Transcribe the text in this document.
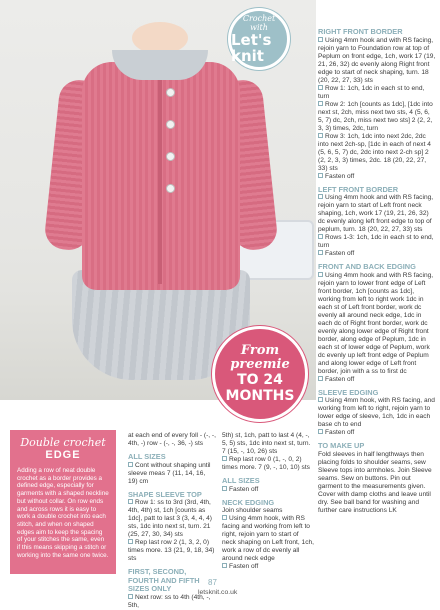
Crochet
with
Let's knit
From
preemie
TO 24
MONTHS
RIGHT FRONT BORDER
Using 4mm hook and with RS facing, rejoin yarn to Foundation row at top of Peplum on front edge, 1ch, work 17 (19, 21, 26, 32) dc evenly along Right front edge to start of neck shaping, turn. 18 (20, 22, 27, 33) sts
Row 1: 1ch, 1dc in each st to end, turn
Row 2: 1ch [counts as 1dc], [1dc into next st, 2ch, miss next two sts, 4 (5, 6, 5, 7) dc, 2ch, miss next two sts] 2 (2, 2, 3, 3) times, 2dc, turn
Row 3: 1ch, 1dc into next 2dc, 2dc into next 2ch-sp, [1dc in each of next 4 (5, 6, 5, 7) dc, 2dc into next 2-ch sp] 2 (2, 2, 3, 3) times, 2dc. 18 (20, 22, 27, 33) sts
Fasten off
LEFT FRONT BORDER
Using 4mm hook and with RS facing, rejoin yarn to start of Left front neck shaping, 1ch, work 17 (19, 21, 26, 32) dc evenly along left front edge to top of peplum, turn. 18 (20, 22, 27, 33) sts
Rows 1-3: 1ch, 1dc in each st to end, turn
Fasten off
FRONT AND BACK EDGING
Using 4mm hook and with RS facing, rejoin yarn to lower front edge of Left front border, 1ch [counts as 1dc], working from left to right work 1dc in each st of Left front border, work dc evenly all around neck edge, 1dc in each dc of Right front border, work dc evenly along lower edge of Right front border, along edge of Peplum, 1dc in each st of lower edge of Peplum, work dc evenly up left front edge of Peplum and along lower edge of Left front border, join with a ss to first dc
Fasten off
SLEEVE EDGING
Using 4mm hook, with RS facing, and working from left to right, rejoin yarn to lower edge of sleeve, 1ch, 1dc in each base ch to end
Fasten off
TO MAKE UP
Fold sleeves in half lengthways then placing folds to shoulder seams, sew Sleeve tops into armholes. Join Sleeve seams. Sew on buttons. Pin out garment to the measurements given. Cover with damp cloths and leave until dry. See ball band for washing and further care instructions LK
Double crochet
EDGE
Adding a row of neat double crochet as a border provides a defined edge, especially for garments with a shaped neckline but without collar. On row ends and across rows it is easy to work a double crochet into each stitch, and when on shaped edges aim to keep the spacing of your stitches the same, even if this means skipping a stitch or working into the same one twice.
at each end of every foll - (-, -, 4th, -) row - (-, -, 36, -) sts
ALL SIZES
Cont without shaping until sleeve meas 7 (11, 14, 16, 19) cm
SHAPE SLEEVE TOP
Row 1: ss to 3rd (3rd, 4th, 4th, 4th) st, 1ch [counts as 1dc], patt to last 3 (3, 4, 4, 4) sts, 1dc into next st, turn. 21 (25, 27, 30, 34) sts
Rep last row 2 (1, 3, 2, 0) times more. 13 (21, 9, 18, 34) sts
FIRST, SECOND, FOURTH AND FIFTH SIZES ONLY
Next row: ss to 4th (4th, -, 5th,
5th) st, 1ch, patt to last 4 (4, -, 5, 5) sts, 1dc into next st, turn. 7 (15, -, 10, 26) sts
Rep last row 0 (1, -, 0, 2) times more. 7 (9, -, 10, 10) sts
ALL SIZES
Fasten off
NECK EDGING
Join shoulder seams
Using 4mm hook, with RS facing and working from left to right, rejoin yarn to start of neck shaping on Left front, 1ch, work a row of dc evenly all around neck edge
Fasten off
87
letsknit.co.uk
